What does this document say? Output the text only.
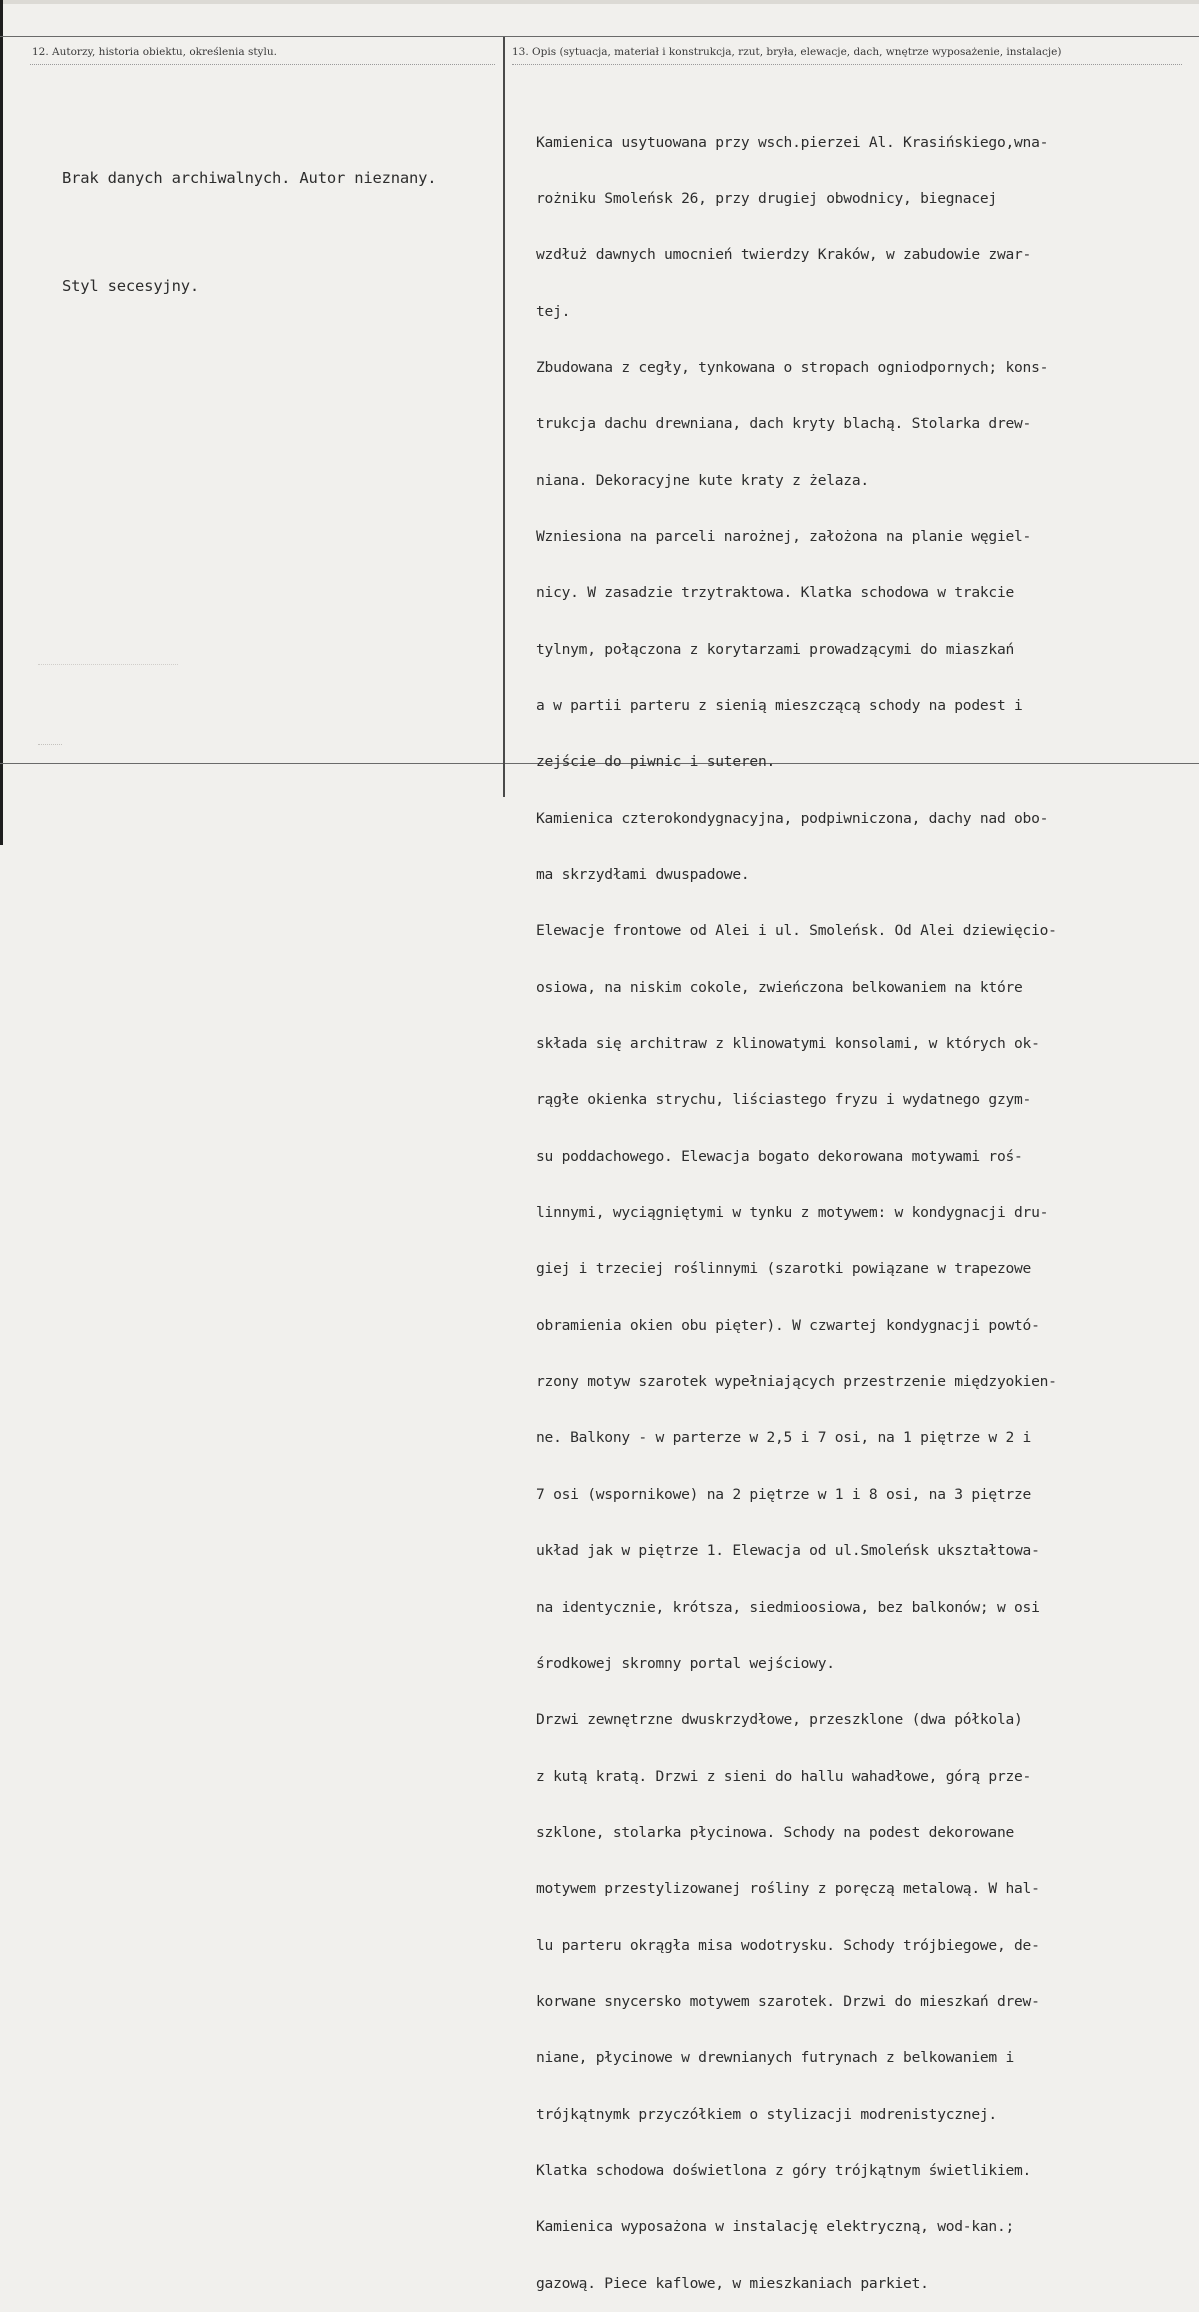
12. Autorzy, historia obiektu, określenia stylu.	13. Opis (sytuacja, materiał i konstrukcja, rzut, bryła, elewacje, dach, wnętrze wyposażenie, instalacje)

Brak danych archiwalnych. Autor nieznany.

Styl secesyjny.

Kamienica usytuowana przy wsch.pierzei Al. Krasińskiego,wna-

rożniku Smoleńsk 26, przy drugiej obwodnicy, biegnacej

wzdłuż dawnych umocnień twierdzy Kraków, w zabudowie zwar-

tej.

Zbudowana z cegły, tynkowana o stropach ogniodpornych; kons-

trukcja dachu drewniana, dach kryty blachą. Stolarka drew-

niana. Dekoracyjne kute kraty z żelaza.

Wzniesiona na parceli narożnej, założona na planie węgiel-

nicy. W zasadzie trzytraktowa. Klatka schodowa w trakcie

tylnym, połączona z korytarzami prowadzącymi do miaszkań

a w partii parteru z sienią mieszczącą schody na podest i

zejście do piwnic i suteren.

Kamienica czterokondygnacyjna, podpiwniczona, dachy nad obo-

ma skrzydłami dwuspadowe.

Elewacje frontowe od Alei i ul. Smoleńsk. Od Alei dziewięcio-

osiowa, na niskim cokole, zwieńczona belkowaniem na które

składa się architraw z klinowatymi konsolami, w których ok-

rągłe okienka strychu, liściastego fryzu i wydatnego gzym-

su poddachowego. Elewacja bogato dekorowana motywami roś-

linnymi, wyciągniętymi w tynku z motywem: w kondygnacji dru-

giej i trzeciej roślinnymi (szarotki powiązane w trapezowe

obramienia okien obu pięter). W czwartej kondygnacji powtó-

rzony motyw szarotek wypełniających przestrzenie międzyokien-

ne. Balkony - w parterze w 2,5 i 7 osi, na 1 piętrze w 2 i

7 osi (wspornikowe) na 2 piętrze w 1 i 8 osi, na 3 piętrze

układ jak w piętrze 1. Elewacja od ul.Smoleńsk ukształtowa-

na identycznie, krótsza, siedmioosiowa, bez balkonów; w osi

środkowej skromny portal wejściowy.

Drzwi zewnętrzne dwuskrzydłowe, przeszklone (dwa półkola)

z kutą kratą. Drzwi z sieni do hallu wahadłowe, górą prze-

szklone, stolarka płycinowa. Schody na podest dekorowane

motywem przestylizowanej rośliny z poręczą metalową. W hal-

lu parteru okrągła misa wodotrysku. Schody trójbiegowe, de-

korwane snycersko motywem szarotek. Drzwi do mieszkań drew-

niane, płycinowe w drewnianych futrynach z belkowaniem i

trójkątnymk przyczółkiem o stylizacji modrenistycznej.

Klatka schodowa doświetlona z góry trójkątnym świetlikiem.

Kamienica wyposażona w instalację elektryczną, wod-kan.;

gazową. Piece kaflowe, w mieszkaniach parkiet.
